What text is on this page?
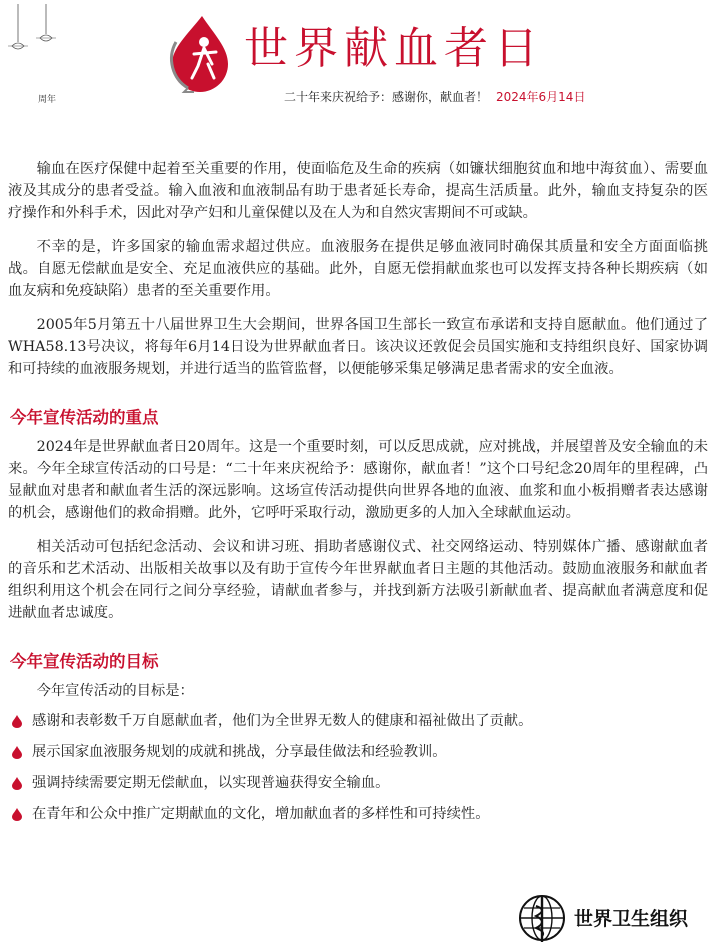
周年
世界献血者日
二十年来庆祝给予：感谢你，献血者！ 2024年6月14日

输血在医疗保健中起着至关重要的作用，使面临危及生命的疾病（如镰状细胞贫血和地中海贫血）、需要血液及其成分的患者受益。输入血液和血液制品有助于患者延长寿命，提高生活质量。此外，输血支持复杂的医疗操作和外科手术，因此对孕产妇和儿童保健以及在人为和自然灾害期间不可或缺。

不幸的是，许多国家的输血需求超过供应。血液服务在提供足够血液同时确保其质量和安全方面面临挑战。自愿无偿献血是安全、充足血液供应的基础。此外，自愿无偿捐献血浆也可以发挥支持各种长期疾病（如血友病和免疫缺陷）患者的至关重要作用。

2005年5月第五十八届世界卫生大会期间，世界各国卫生部长一致宣布承诺和支持自愿献血。他们通过了WHA58.13号决议，将每年6月14日设为世界献血者日。该决议还敦促会员国实施和支持组织良好、国家协调和可持续的血液服务规划，并进行适当的监管监督，以便能够采集足够满足患者需求的安全血液。

今年宣传活动的重点

2024年是世界献血者日20周年。这是一个重要时刻，可以反思成就，应对挑战，并展望普及安全输血的未来。今年全球宣传活动的口号是：“二十年来庆祝给予：感谢你，献血者！”这个口号纪念20周年的里程碑，凸显献血对患者和献血者生活的深远影响。这场宣传活动提供向世界各地的血液、血浆和血小板捐赠者表达感谢的机会，感谢他们的救命捐赠。此外，它呼吁采取行动，激励更多的人加入全球献血运动。

相关活动可包括纪念活动、会议和讲习班、捐助者感谢仪式、社交网络运动、特别媒体广播、感谢献血者的音乐和艺术活动、出版相关故事以及有助于宣传今年世界献血者日主题的其他活动。鼓励血液服务和献血者组织利用这个机会在同行之间分享经验，请献血者参与，并找到新方法吸引新献血者、提高献血者满意度和促进献血者忠诚度。

今年宣传活动的目标

今年宣传活动的目标是：

感谢和表彰数千万自愿献血者，他们为全世界无数人的健康和福祉做出了贡献。
展示国家血液服务规划的成就和挑战，分享最佳做法和经验教训。
强调持续需要定期无偿献血，以实现普遍获得安全输血。
在青年和公众中推广定期献血的文化，增加献血者的多样性和可持续性。
世界卫生组织
